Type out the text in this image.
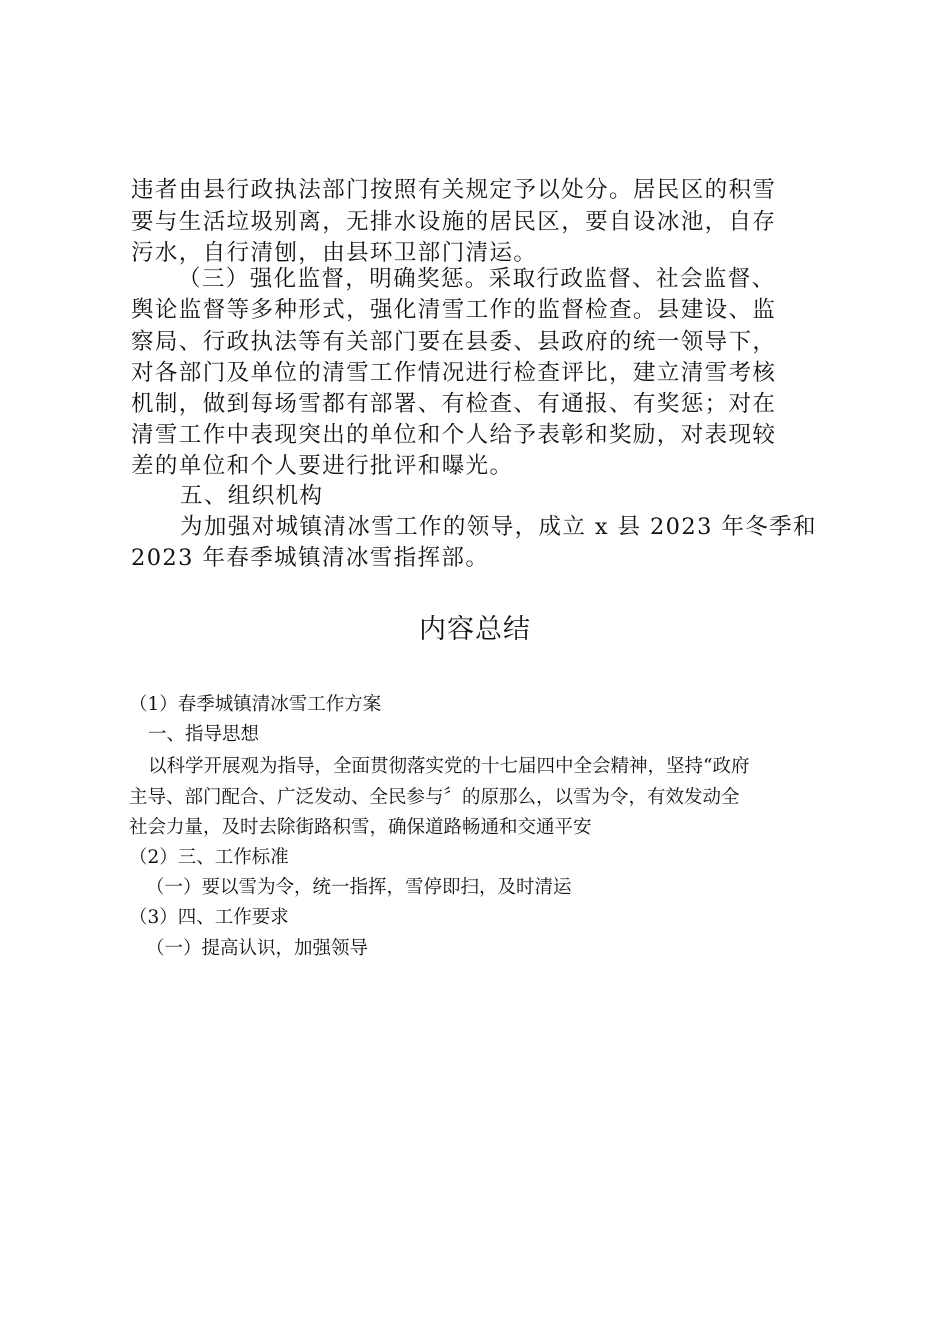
违者由县行政执法部门按照有关规定予以处分。居民区的积雪
要与生活垃圾别离，无排水设施的居民区，要自设冰池，自存
污水，自行清刨，由县环卫部门清运。
（三）强化监督，明确奖惩。采取行政监督、社会监督、
舆论监督等多种形式，强化清雪工作的监督检查。县建设、监
察局、行政执法等有关部门要在县委、县政府的统一领导下，
对各部门及单位的清雪工作情况进行检查评比，建立清雪考核
机制，做到每场雪都有部署、有检查、有通报、有奖惩；对在
清雪工作中表现突出的单位和个人给予表彰和奖励，对表现较
差的单位和个人要进行批评和曝光。
五、组织机构
为加强对城镇清冰雪工作的领导，成立 x 县 2023 年冬季和
2023 年春季城镇清冰雪指挥部。
内容总结
（1）春季城镇清冰雪工作方案
一、指导思想
以科学开展观为指导，全面贯彻落实党的十七届四中全会精神，坚持“政府
主导、部门配合、广泛发动、全民参与〞的原那么，以雪为令，有效发动全
社会力量，及时去除街路积雪，确保道路畅通和交通平安
（2）三、工作标准
（一）要以雪为令，统一指挥，雪停即扫，及时清运
（3）四、工作要求
（一）提高认识，加强领导
